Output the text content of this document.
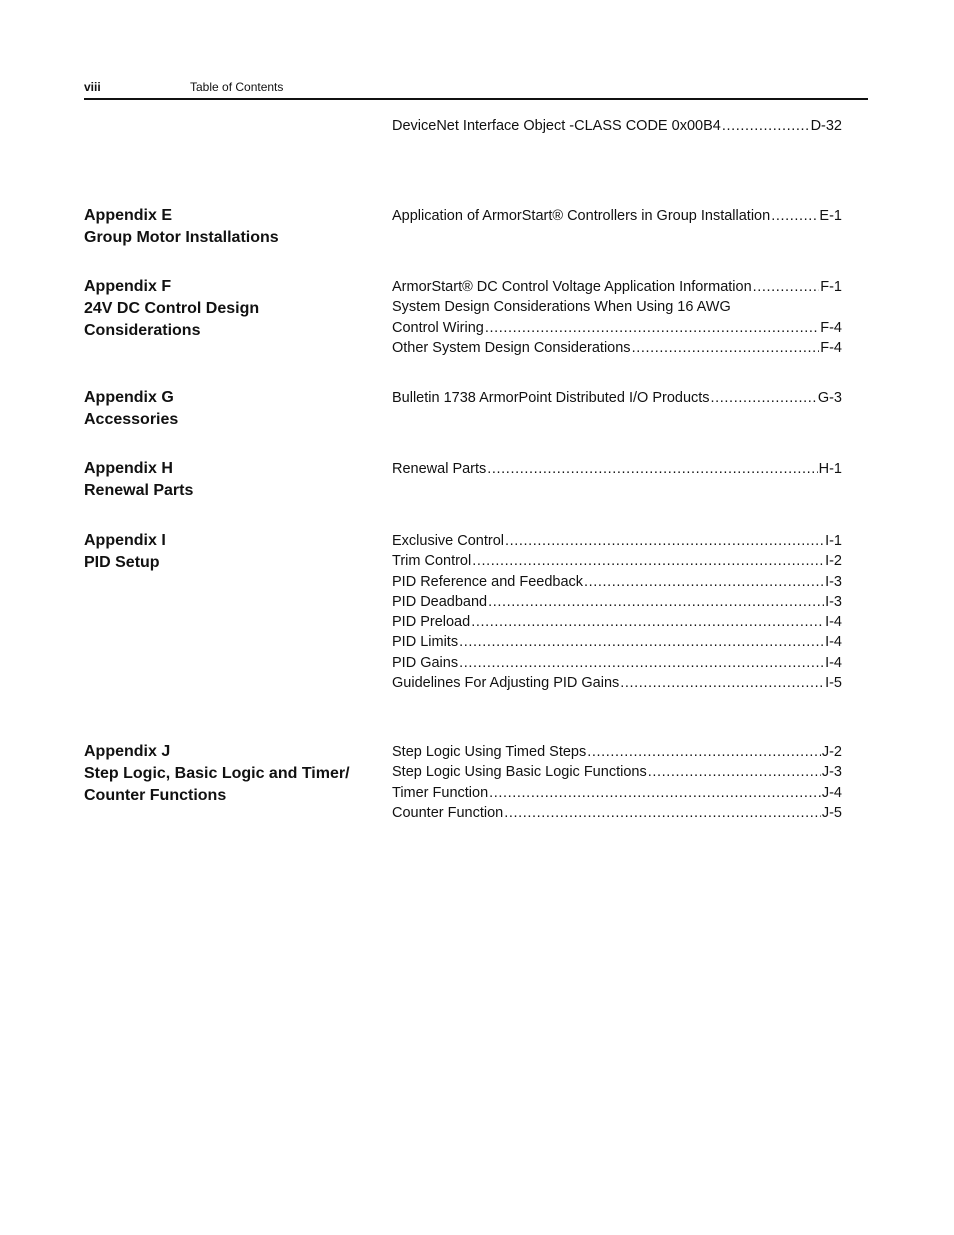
viii	Table of Contents
DeviceNet Interface Object -CLASS CODE 0x00B4 .....	D-32
Appendix E
Group Motor Installations
Application of ArmorStart® Controllers in Group Installation .....	E-1
Appendix F
24V DC Control Design
Considerations
ArmorStart® DC Control Voltage Application Information .....	F-1
System Design Considerations When Using 16 AWG
Control Wiring .....	F-4
Other System Design Considerations .....	F-4
Appendix G
Accessories
Bulletin 1738 ArmorPoint Distributed I/O Products .....	G-3
Appendix H
Renewal Parts
Renewal Parts .....	H-1
Appendix I
PID Setup
Exclusive Control .....	I-1
Trim Control .....	I-2
PID Reference and Feedback .....	I-3
PID Deadband .....	I-3
PID Preload .....	I-4
PID Limits .....	I-4
PID Gains .....	I-4
Guidelines For Adjusting PID Gains .....	I-5
Appendix J
Step Logic, Basic Logic and Timer/
Counter Functions
Step Logic Using Timed Steps .....	J-2
Step Logic Using Basic Logic Functions .....	J-3
Timer Function .....	J-4
Counter Function .....	J-5
